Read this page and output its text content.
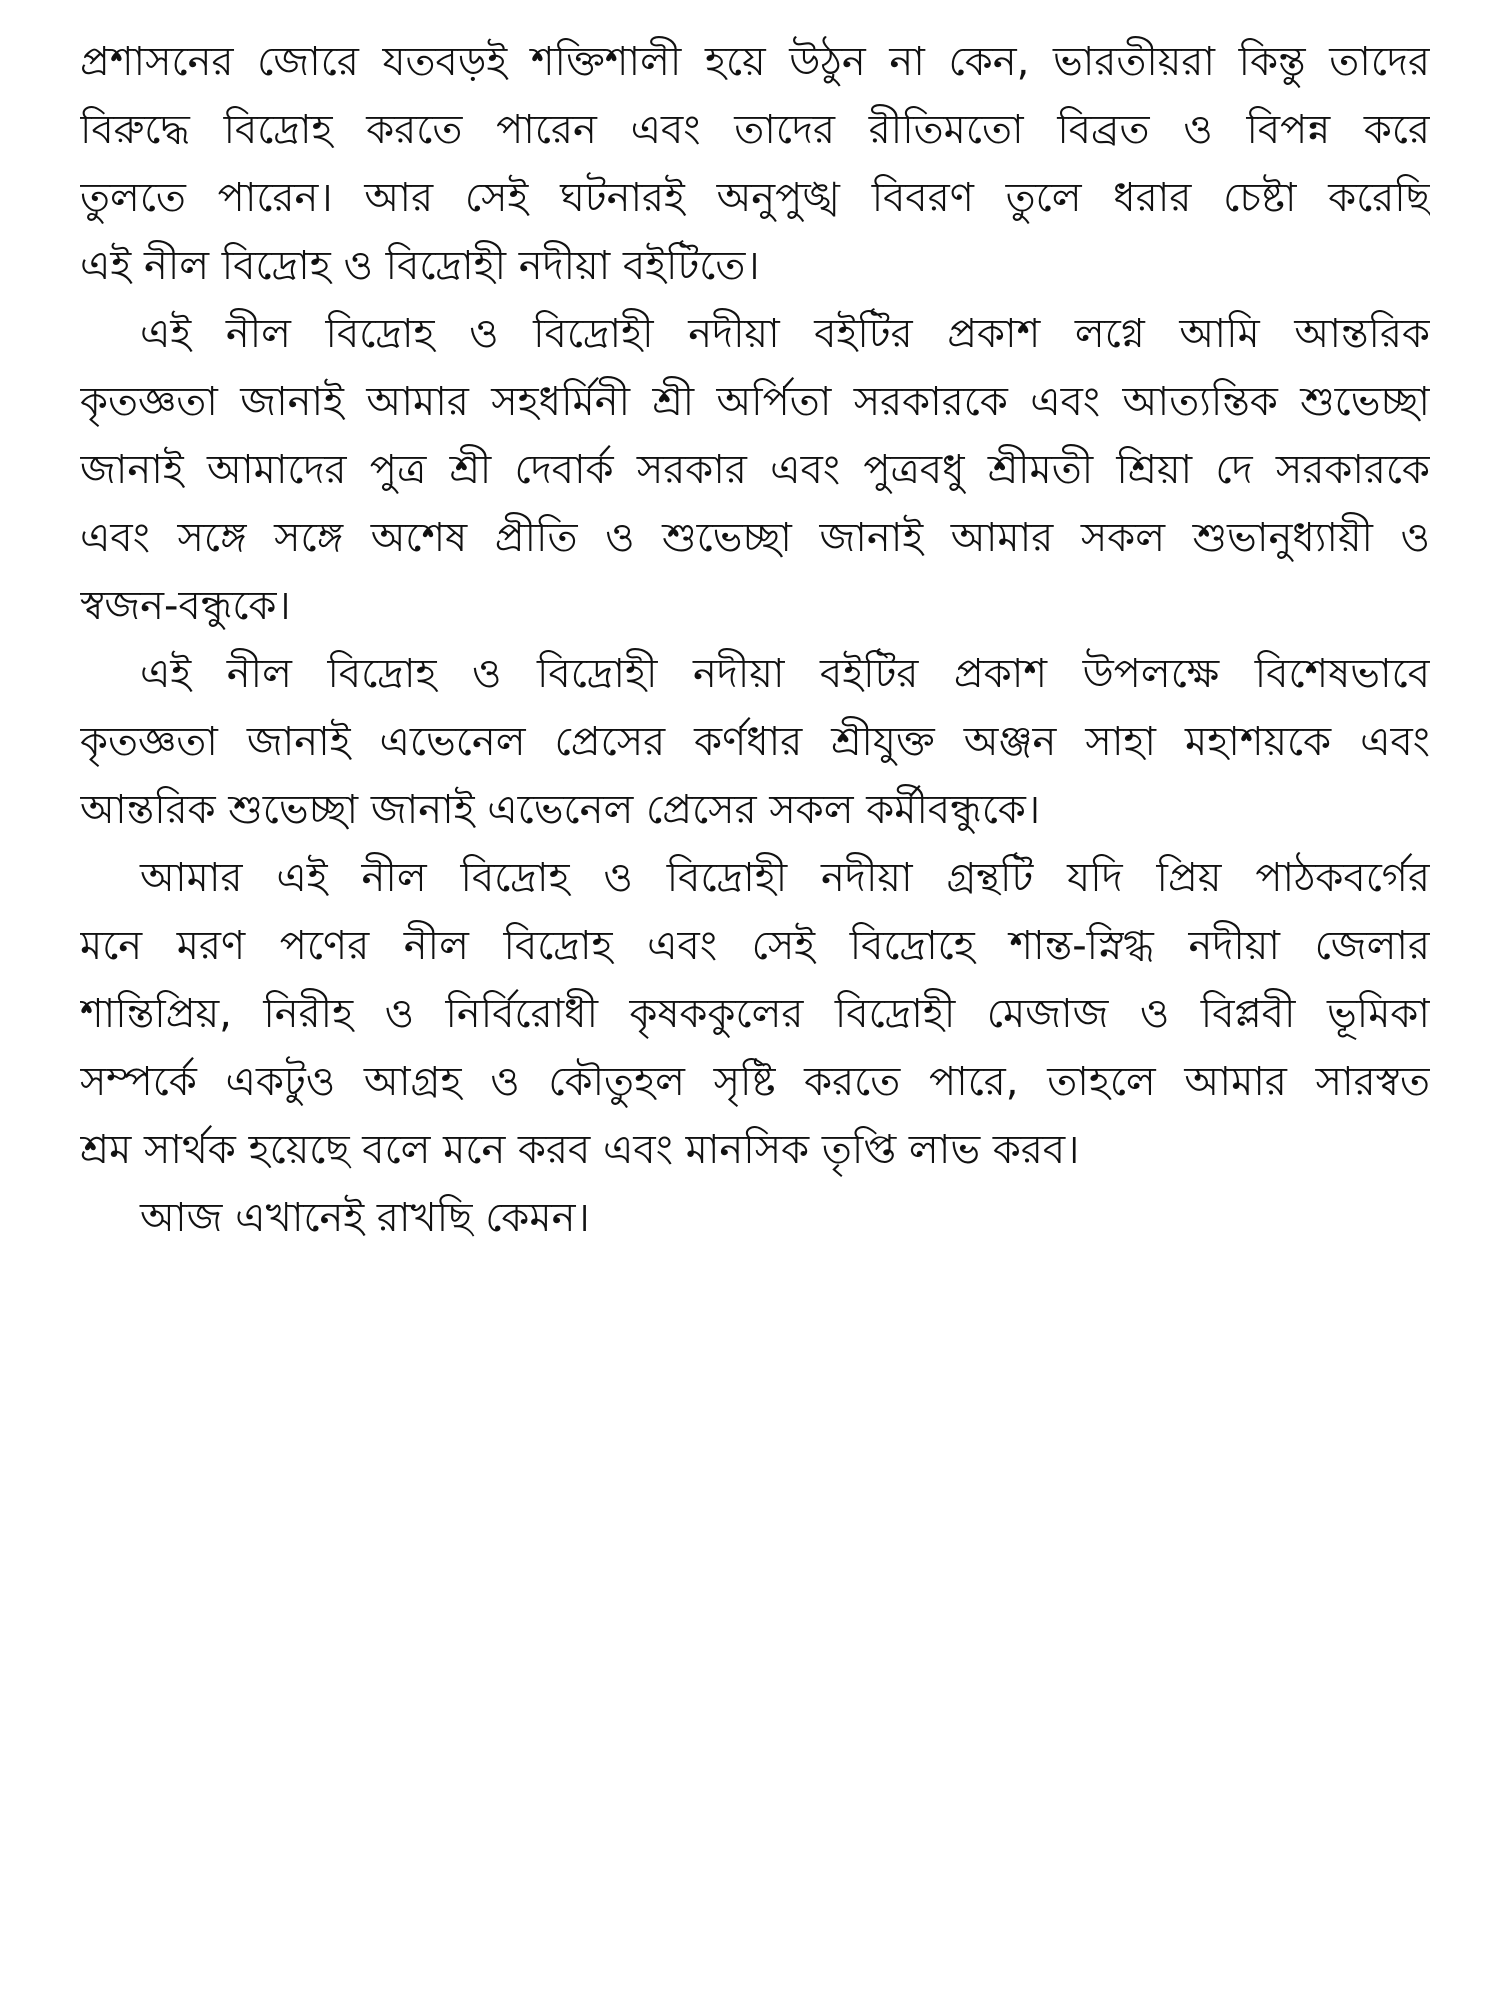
প্রশাসনের জোরে যতবড়ই শক্তিশালী হয়ে উঠুন না কেন, ভারতীয়রা কিন্তু তাদের
বিরুদ্ধে বিদ্রোহ করতে পারেন এবং তাদের রীতিমতো বিব্রত ও বিপন্ন করে
তুলতে পারেন। আর সেই ঘটনারই অনুপুঙ্খ বিবরণ তুলে ধরার চেষ্টা করেছি
এই নীল বিদ্রোহ ও বিদ্রোহী নদীয়া বইটিতে।

এই নীল বিদ্রোহ ও বিদ্রোহী নদীয়া বইটির প্রকাশ লগ্নে আমি আন্তরিক
কৃতজ্ঞতা জানাই আমার সহধর্মিনী শ্রী অর্পিতা সরকারকে এবং আত্যন্তিক শুভেচ্ছা
জানাই আমাদের পুত্র শ্রী দেবার্ক সরকার এবং পুত্রবধু শ্রীমতী শ্রিয়া দে সরকারকে
এবং সঙ্গে সঙ্গে অশেষ প্রীতি ও শুভেচ্ছা জানাই আমার সকল শুভানুধ্যায়ী ও
স্বজন-বন্ধুকে।

এই নীল বিদ্রোহ ও বিদ্রোহী নদীয়া বইটির প্রকাশ উপলক্ষে বিশেষভাবে
কৃতজ্ঞতা জানাই এভেনেল প্রেসের কর্ণধার শ্রীযুক্ত অঞ্জন সাহা মহাশয়কে এবং
আন্তরিক শুভেচ্ছা জানাই এভেনেল প্রেসের সকল কর্মীবন্ধুকে।

আমার এই নীল বিদ্রোহ ও বিদ্রোহী নদীয়া গ্রন্থটি যদি প্রিয় পাঠকবর্গের
মনে মরণ পণের নীল বিদ্রোহ এবং সেই বিদ্রোহে শান্ত-স্নিগ্ধ নদীয়া জেলার
শান্তিপ্রিয়, নিরীহ ও নির্বিরোধী কৃষককুলের বিদ্রোহী মেজাজ ও বিপ্লবী ভূমিকা
সম্পর্কে একটুও আগ্রহ ও কৌতুহল সৃষ্টি করতে পারে, তাহলে আমার সারস্বত
শ্রম সার্থক হয়েছে বলে মনে করব এবং মানসিক তৃপ্তি লাভ করব।

আজ এখানেই রাখছি কেমন।
